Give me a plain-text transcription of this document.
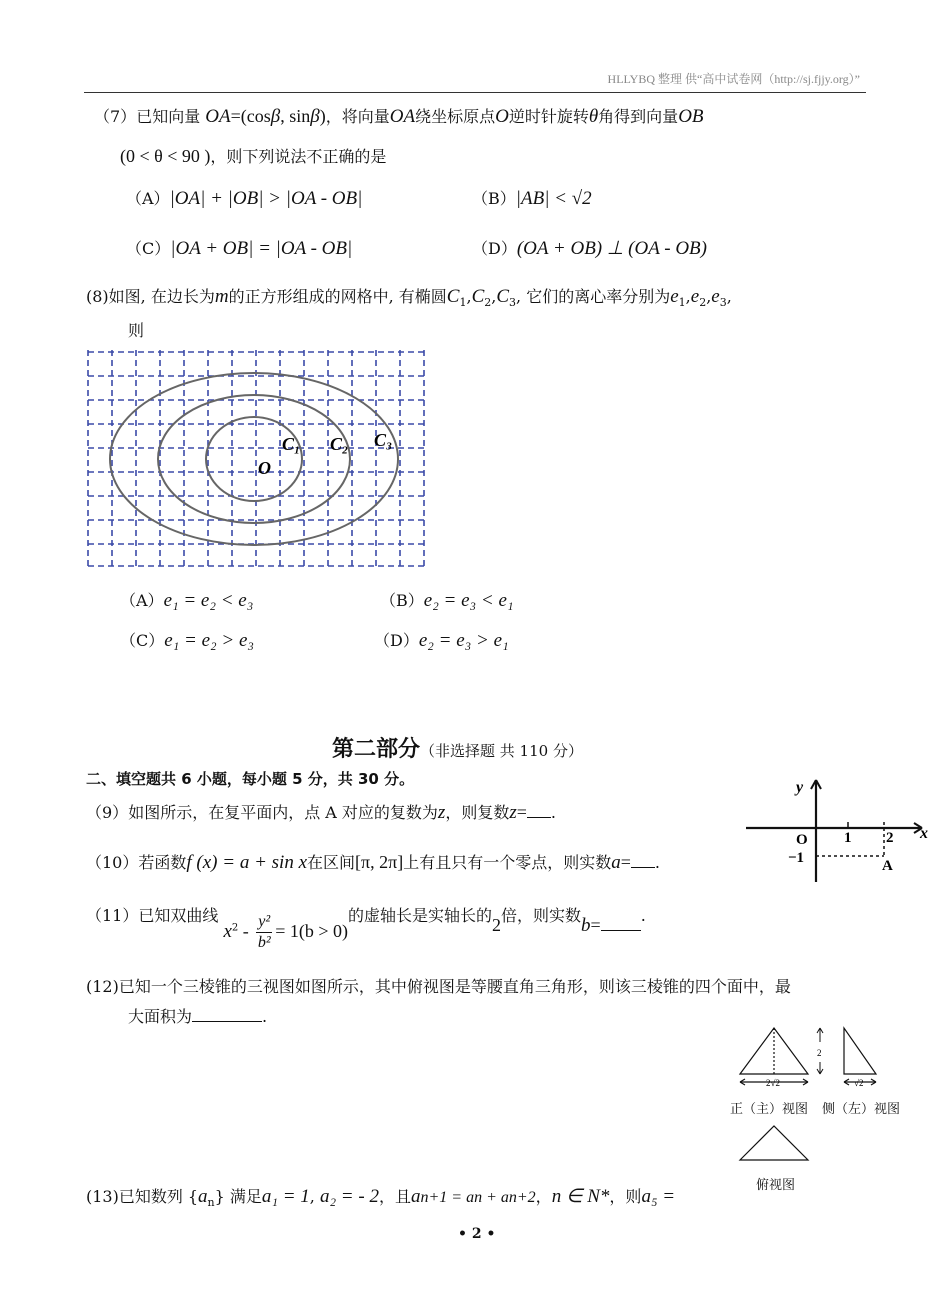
HLLYBQ 整理 供“高中试卷网（http://sj.fjjy.org）”
（7）已知向量 OA=(cosβ, sinβ)，将向量OA绕坐标原点O逆时针旋转θ角得到向量OB
(0 < θ < 90 )，则下列说法不正确的是
（A）|OA| + |OB| > |OA - OB|	（B）|AB| < √2
（C）|OA + OB| = |OA - OB|	（D）(OA + OB) ⊥ (OA - OB)
(8)如图, 在边长为m的正方形组成的网格中, 有椭圆$C_1,C_2,C_3$, 它们的离心率分别为$e_1,e_2,e_3$,
则
O
C₁ C₂ C₃
（A）e₁ = e₂ < e₃	（B）e₂ = e₃ < e₁
（C）e₁ = e₂ > e₃	（D）e₂ = e₃ > e₁
第二部分（非选择题 共 110 分）
二、填空题共 6 小题，每小题 5 分，共 30 分。
（9）如图所示，在复平面内，点 A 对应的复数为z，则复数z= .
y
x
O 1 2
−1	A
（10）若函数f (x) = a + sin x在区间[π, 2π]上有且只有一个零点，则实数a= .
（11）已知双曲线 $x^2 - \frac{\text{y²}}{\text{b²}} = 1(b > 0)$的虚轴长是实轴长的2倍，则实数b=	.
(12)已知一个三棱锥的三视图如图所示，其中俯视图是等腰直角三角形，则该三棱锥的四个面中，最
大面积为	.
2√2
2
√2
正（主）视图 侧（左）视图
俯视图
(13)已知数列 $\{a_n\}$ 满足a₁ = 1, a₂ = - 2，且an+1 = an + an+2，n ∈ N*，则a₅ =
• 2 •
